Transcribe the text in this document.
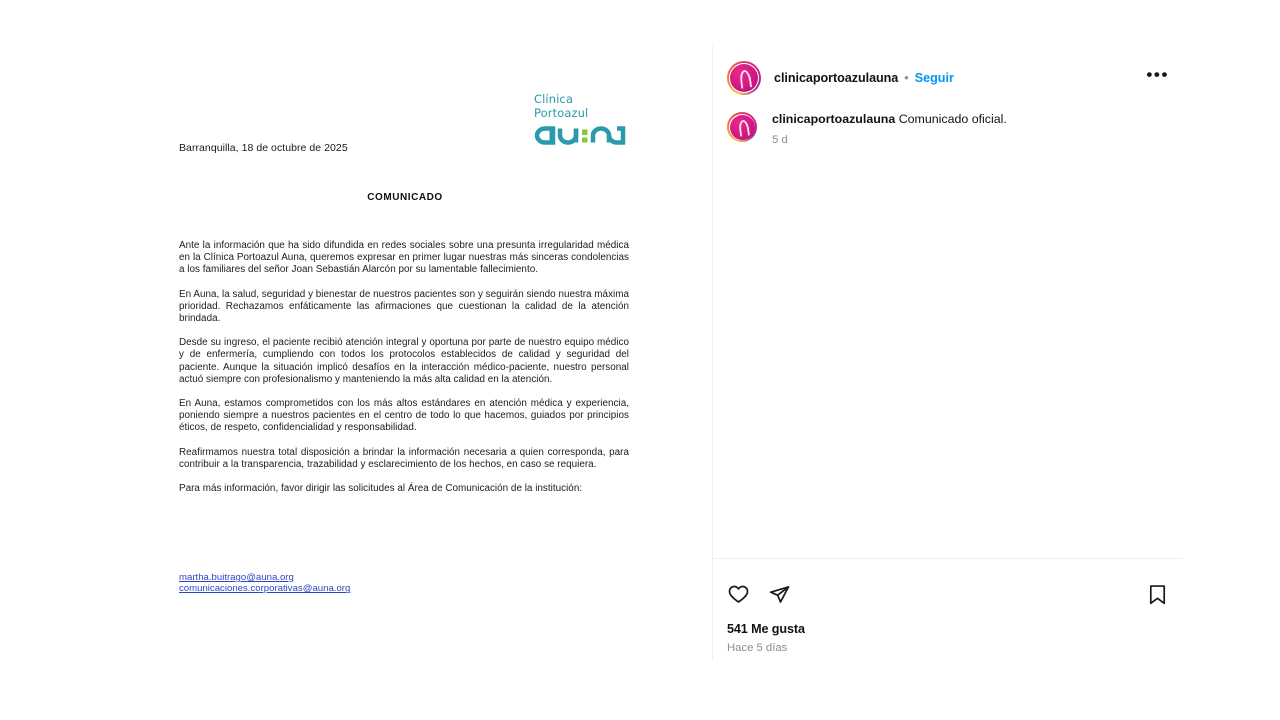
Clínica
Portoazul
Barranquilla, 18 de octubre de 2025
COMUNICADO

Ante la información que ha sido difundida en redes sociales sobre una presunta irregularidad médica en la Clínica Portoazul Auna, queremos expresar en primer lugar nuestras más sinceras condolencias a los familiares del señor Joan Sebastián Alarcón por su lamentable fallecimiento.

En Auna, la salud, seguridad y bienestar de nuestros pacientes son y seguirán siendo nuestra máxima prioridad. Rechazamos enfáticamente las afirmaciones que cuestionan la calidad de la atención brindada.

Desde su ingreso, el paciente recibió atención integral y oportuna por parte de nuestro equipo médico y de enfermería, cumpliendo con todos los protocolos establecidos de calidad y seguridad del paciente. Aunque la situación implicó desafíos en la interacción médico-paciente, nuestro personal actuó siempre con profesionalismo y manteniendo la más alta calidad en la atención.

En Auna, estamos comprometidos con los más altos estándares en atención médica y experiencia, poniendo siempre a nuestros pacientes en el centro de todo lo que hacemos, guiados por principios éticos, de respeto, confidencialidad y responsabilidad.

Reafirmamos nuestra total disposición a brindar la información necesaria a quien corresponda, para contribuir a la transparencia, trazabilidad y esclarecimiento de los hechos, en caso se requiera.

Para más información, favor dirigir las solicitudes al Área de Comunicación de la institución:

martha.buitrago@auna.org
comunicaciones.corporativas@auna.org
clinicaportoazulauna • Seguir	•••
clinicaportoazulauna Comunicado oficial.
5 d
541 Me gusta
Hace 5 días
